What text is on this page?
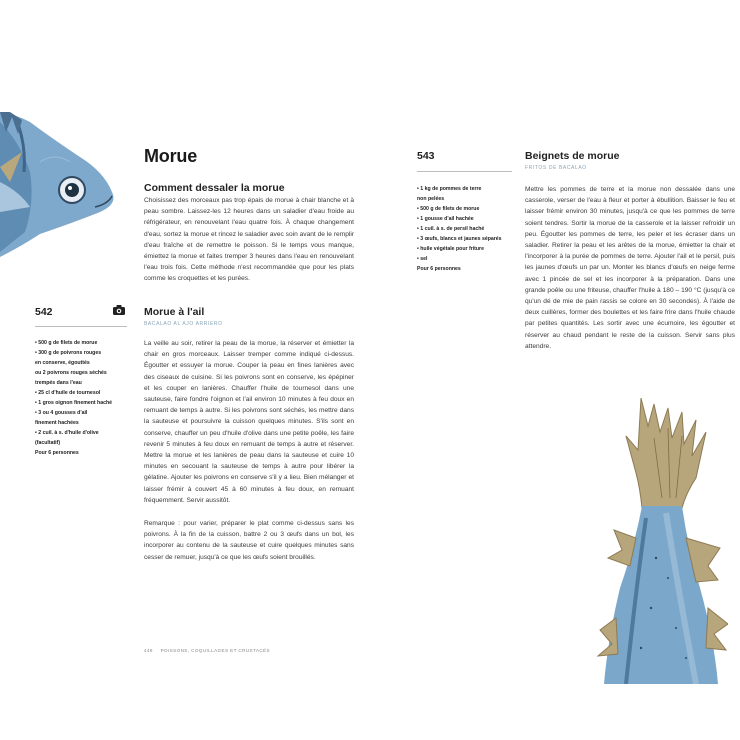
Morue
Comment dessaler la morue
Choisissez des morceaux pas trop épais de morue à chair blanche et à peau sombre. Laissez-les 12 heures dans un saladier d'eau froide au réfrigérateur, en renouvelant l'eau quatre fois. À chaque changement d'eau, sortez la morue et rincez le saladier avec soin avant de le remplir d'eau fraîche et de remettre le poisson. Si le temps vous manque, émiettez la morue et faites tremper 3 heures dans l'eau en renouvelant l'eau trois fois. Cette méthode n'est recommandée que pour les plats comme les croquettes et les purées.
542	Morue à l'ail
BACALAO AL AJO ARRIERO
• 500 g de filets de morue
• 300 g de poivrons rouges
en conserve, égouttés
ou 2 poivrons rouges séchés
trempés dans l'eau
• 25 cl d'huile de tournesol
• 1 gros oignon finement haché
• 3 ou 4 gousses d'ail
finement hachées
• 2 cuil. à s. d'huile d'olive
(facultatif)
Pour 6 personnes
La veille au soir, retirer la peau de la morue, la réserver et émietter la chair en gros morceaux. Laisser tremper comme indiqué ci-dessus. Égoutter et essuyer la morue. Couper la peau en fines lanières avec des ciseaux de cuisine. Si les poivrons sont en conserve, les épépiner et les couper en lanières. Chauffer l'huile de tournesol dans une sauteuse, faire fondre l'oignon et l'ail environ 10 minutes à feu doux en remuant de temps à autre. Si les poivrons sont séchés, les mettre dans la sauteuse et poursuivre la cuisson quelques minutes. S'ils sont en conserve, chauffer un peu d'huile d'olive dans une petite poêle, les faire revenir 5 minutes à feu doux en remuant de temps à autre et réserver. Mettre la morue et les lanières de peau dans la sauteuse et cuire 10 minutes en secouant la sauteuse de temps à autre pour libérer la gélatine. Ajouter les poivrons en conserve s'il y a lieu. Bien mélanger et laisser frémir à couvert 45 à 60 minutes à feu doux, en remuant fréquemment. Servir aussitôt.
Remarque : pour varier, préparer le plat comme ci-dessus sans les poivrons. À la fin de la cuisson, battre 2 ou 3 œufs dans un bol, les incorporer au contenu de la sauteuse et cuire quelques minutes sans cesser de remuer, jusqu'à ce que les œufs soient brouillés.
448 POISSONS, COQUILLAGES ET CRUSTACÉS
543	Beignets de morue
FRITOS DE BACALAO
• 1 kg de pommes de terre
non pelées
• 500 g de filets de morue
• 1 gousse d'ail hachée
• 1 cuil. à s. de persil haché
• 3 œufs, blancs et jaunes séparés
• huile végétale pour friture
• sel
Pour 6 personnes
Mettre les pommes de terre et la morue non dessalée dans une casserole, verser de l'eau à fleur et porter à ébullition. Baisser le feu et laisser frémir environ 30 minutes, jusqu'à ce que les pommes de terre soient tendres. Sortir la morue de la casserole et la laisser refroidir un peu. Égoutter les pommes de terre, les peler et les écraser dans un saladier. Retirer la peau et les arêtes de la morue, émietter la chair et l'incorporer à la purée de pommes de terre. Ajouter l'ail et le persil, puis les jaunes d'œufs un par un. Monter les blancs d'œufs en neige ferme avec 1 pincée de sel et les incorporer à la préparation. Dans une grande poêle ou une friteuse, chauffer l'huile à 180 – 190 °C (jusqu'à ce qu'un dé de mie de pain rassis se colore en 30 secondes). À l'aide de deux cuillères, former des boulettes et les faire frire dans l'huile chaude par petites quantités. Les sortir avec une écumoire, les égoutter et réserver au chaud pendant le reste de la cuisson. Servir sans plus attendre.
